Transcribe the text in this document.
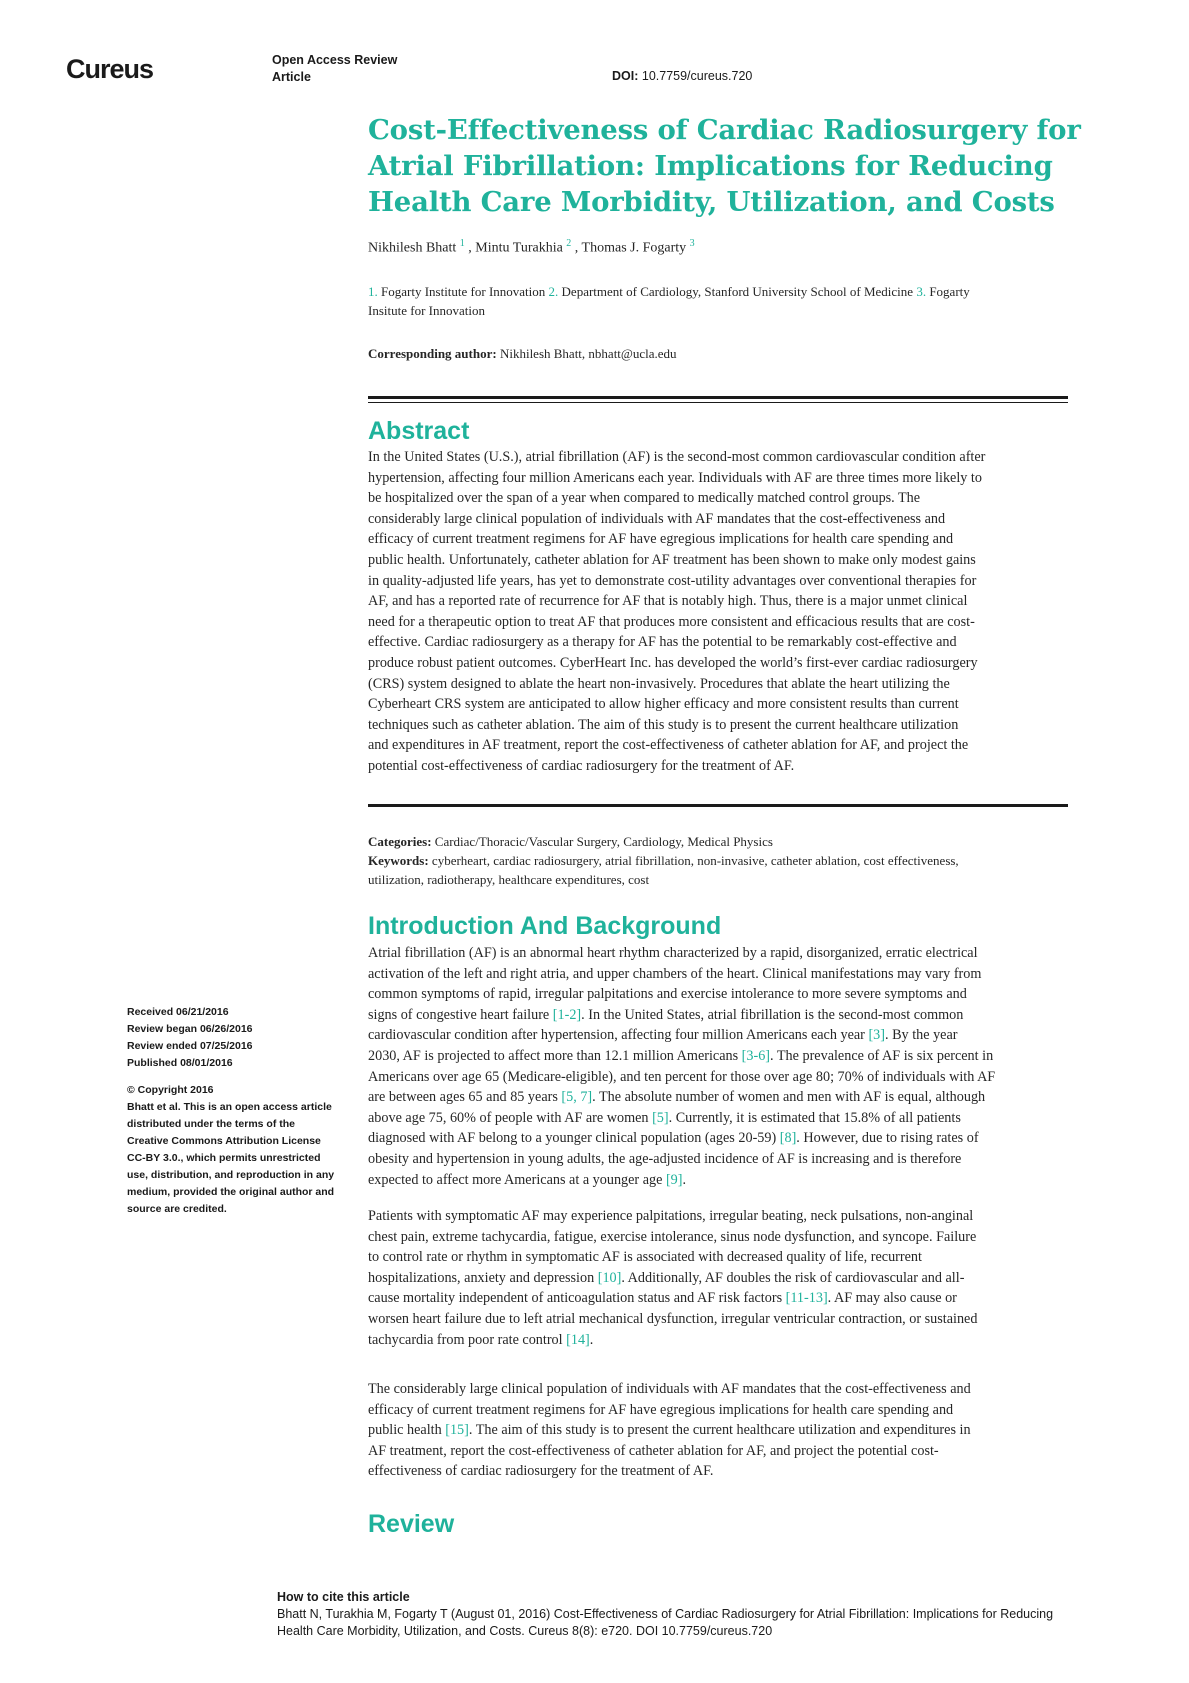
Cureus	Open Access Review
Article	DOI: 10.7759/cureus.720
Cost-Effectiveness of Cardiac Radiosurgery for
Atrial Fibrillation: Implications for Reducing
Health Care Morbidity, Utilization, and Costs
Nikhilesh Bhatt $^1$ , Mintu Turakhia $^2$ , Thomas J. Fogarty $^3$
1. Fogarty Institute for Innovation 2. Department of Cardiology, Stanford University School of Medicine 3. Fogarty
Insitute for Innovation
Corresponding author: Nikhilesh Bhatt, nbhatt@ucla.edu
Abstract
In the United States (U.S.), atrial fibrillation (AF) is the second-most common cardiovascular condition after
hypertension, affecting four million Americans each year. Individuals with AF are three times more likely to
be hospitalized over the span of a year when compared to medically matched control groups. The
considerably large clinical population of individuals with AF mandates that the cost-effectiveness and
efficacy of current treatment regimens for AF have egregious implications for health care spending and
public health. Unfortunately, catheter ablation for AF treatment has been shown to make only modest gains
in quality-adjusted life years, has yet to demonstrate cost-utility advantages over conventional therapies for
AF, and has a reported rate of recurrence for AF that is notably high. Thus, there is a major unmet clinical
need for a therapeutic option to treat AF that produces more consistent and efficacious results that are cost-
effective. Cardiac radiosurgery as a therapy for AF has the potential to be remarkably cost-effective and
produce robust patient outcomes. CyberHeart Inc. has developed the world’s first-ever cardiac radiosurgery
(CRS) system designed to ablate the heart non-invasively. Procedures that ablate the heart utilizing the
Cyberheart CRS system are anticipated to allow higher efficacy and more consistent results than current
techniques such as catheter ablation. The aim of this study is to present the current healthcare utilization
and expenditures in AF treatment, report the cost-effectiveness of catheter ablation for AF, and project the
potential cost-effectiveness of cardiac radiosurgery for the treatment of AF.
Categories: Cardiac/Thoracic/Vascular Surgery, Cardiology, Medical Physics
Keywords: cyberheart, cardiac radiosurgery, atrial fibrillation, non-invasive, catheter ablation, cost effectiveness,
utilization, radiotherapy, healthcare expenditures, cost
Introduction And Background
Atrial fibrillation (AF) is an abnormal heart rhythm characterized by a rapid, disorganized, erratic electrical
activation of the left and right atria, and upper chambers of the heart. Clinical manifestations may vary from
common symptoms of rapid, irregular palpitations and exercise intolerance to more severe symptoms and
signs of congestive heart failure [1-2]. In the United States, atrial fibrillation is the second-most common
cardiovascular condition after hypertension, affecting four million Americans each year [3]. By the year
2030, AF is projected to affect more than 12.1 million Americans [3-6]. The prevalence of AF is six percent in
Americans over age 65 (Medicare-eligible), and ten percent for those over age 80; 70% of individuals with AF
are between ages 65 and 85 years [5, 7]. The absolute number of women and men with AF is equal, although
above age 75, 60% of people with AF are women [5]. Currently, it is estimated that 15.8% of all patients
diagnosed with AF belong to a younger clinical population (ages 20-59) [8]. However, due to rising rates of
obesity and hypertension in young adults, the age-adjusted incidence of AF is increasing and is therefore
expected to affect more Americans at a younger age [9].
Patients with symptomatic AF may experience palpitations, irregular beating, neck pulsations, non-anginal
chest pain, extreme tachycardia, fatigue, exercise intolerance, sinus node dysfunction, and syncope. Failure
to control rate or rhythm in symptomatic AF is associated with decreased quality of life, recurrent
hospitalizations, anxiety and depression [10]. Additionally, AF doubles the risk of cardiovascular and all-
cause mortality independent of anticoagulation status and AF risk factors [11-13]. AF may also cause or
worsen heart failure due to left atrial mechanical dysfunction, irregular ventricular contraction, or sustained
tachycardia from poor rate control [14].
The considerably large clinical population of individuals with AF mandates that the cost-effectiveness and
efficacy of current treatment regimens for AF have egregious implications for health care spending and
public health [15]. The aim of this study is to present the current healthcare utilization and expenditures in
AF treatment, report the cost-effectiveness of catheter ablation for AF, and project the potential cost-
effectiveness of cardiac radiosurgery for the treatment of AF.
Review
Received 06/21/2016
Review began 06/26/2016
Review ended 07/25/2016
Published 08/01/2016
© Copyright 2016
Bhatt et al. This is an open access article
distributed under the terms of the
Creative Commons Attribution License
CC-BY 3.0., which permits unrestricted
use, distribution, and reproduction in any
medium, provided the original author and
source are credited.
How to cite this article
Bhatt N, Turakhia M, Fogarty T (August 01, 2016) Cost-Effectiveness of Cardiac Radiosurgery for Atrial Fibrillation: Implications for Reducing
Health Care Morbidity, Utilization, and Costs. Cureus 8(8): e720. DOI 10.7759/cureus.720
